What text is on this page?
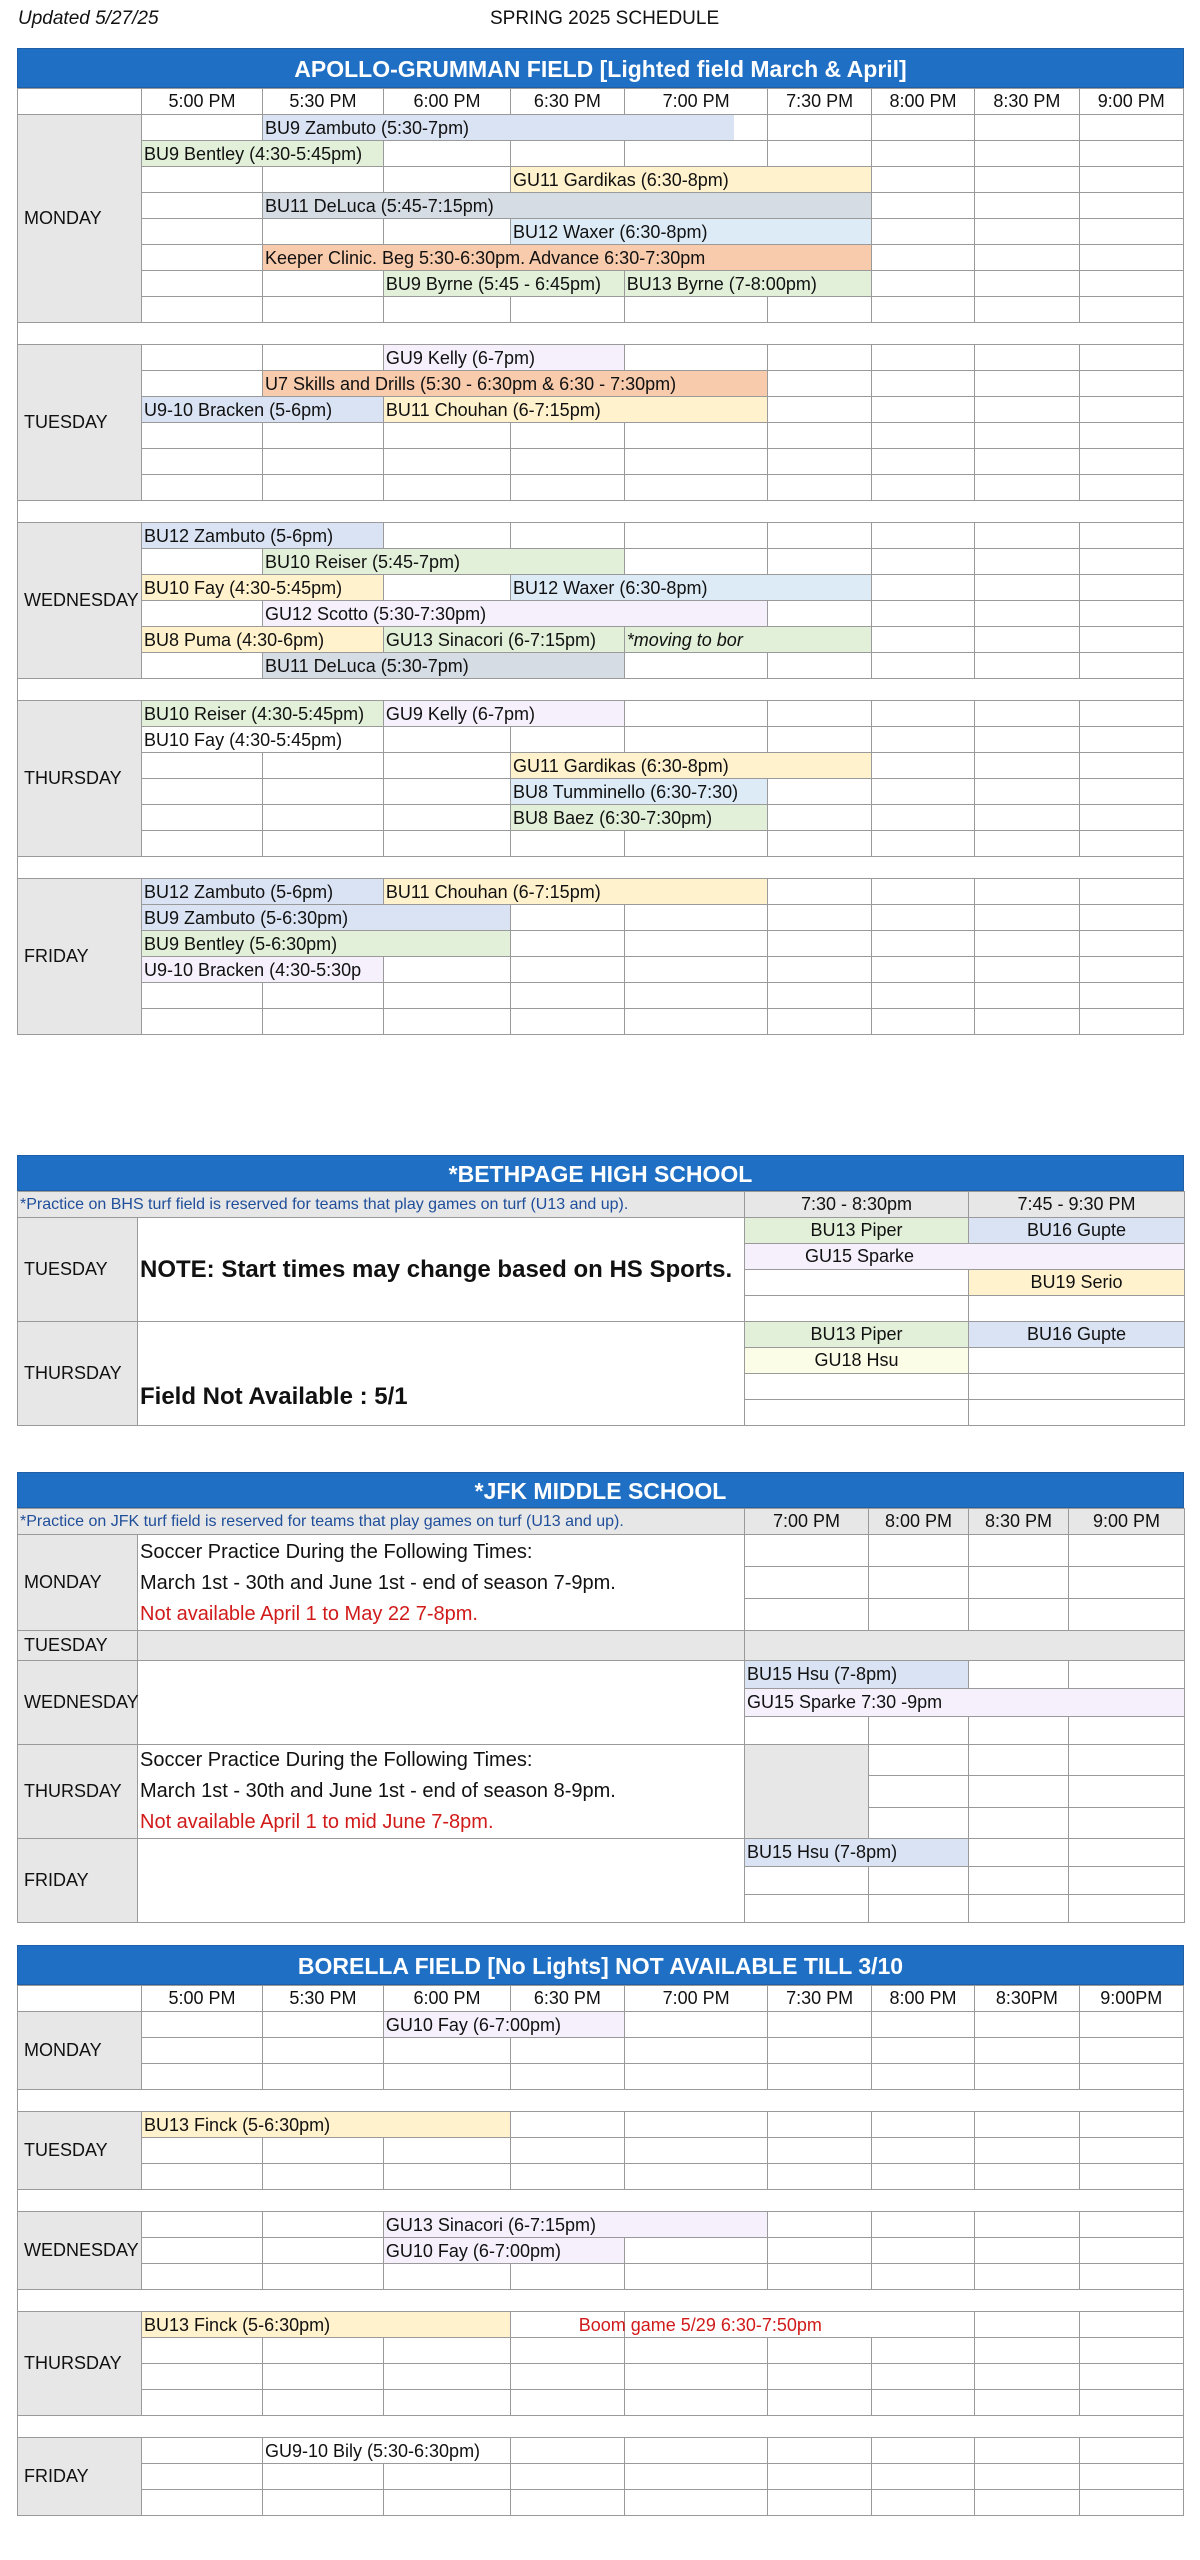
Updated 5/27/25	SPRING 2025 SCHEDULE
APOLLO-GRUMMAN FIELD [Lighted field March & April]
	5:00 PM	5:30 PM	6:00 PM	6:30 PM	7:00 PM	7:30 PM	8:00 PM	8:30 PM	9:00 PM
MONDAY		BU9 Zambuto (5:30-7pm)							

	BU9 Bentley (4:30-5:45pm)								

				GU11 Gardikas (6:30-8pm)					

		BU11 DeLuca (5:45-7:15pm)							

				BU12 Waxer (6:30-8pm)					

		Keeper Clinic. Beg 5:30-6:30pm. Advance 6:30-7:30pm							

			BU9 Byrne (5:45 - 6:45pm)		BU13 Byrne (7-8:00pm)				

TUESDAY			GU9 Kelly (6-7pm)						

		U7 Skills and Drills (5:30 - 6:30pm & 6:30 - 7:30pm)							

	U9-10 Bracken (5-6pm)		BU11 Chouhan (6-7:15pm)						

WEDNESDAY	BU12 Zambuto (5-6pm)								

		BU10 Reiser (5:45-7pm)							

	BU10 Fay (4:30-5:45pm)			BU12 Waxer (6:30-8pm)					

		GU12 Scotto (5:30-7:30pm)							

	BU8 Puma (4:30-6pm)		GU13 Sinacori (6-7:15pm)		*moving to bor				

		BU11 DeLuca (5:30-7pm)							

THURSDAY	BU10 Reiser (4:30-5:45pm)		GU9 Kelly (6-7pm)						

	BU10 Fay (4:30-5:45pm)								

				GU11 Gardikas (6:30-8pm)					

				BU8 Tumminello (6:30-7:30)					

				BU8 Baez (6:30-7:30pm)					

FRIDAY	BU12 Zambuto (5-6pm)		BU11 Chouhan (6-7:15pm)						

	BU9 Zambuto (5-6:30pm)								

	BU9 Bentley (5-6:30pm)								

	U9-10 Bracken (4:30-5:30p								

*BETHPAGE HIGH SCHOOL
*Practice on BHS turf field is reserved for teams that play games on turf (U13 and up).		7:30 - 8:30pm	7:45 - 9:30 PM
TUESDAY	NOTE: Start times may change based on HS Sports.	BU13 Piper	BU16 Gupte
		GU15 Sparke	
			BU19 Serio

THURSDAY	Field Not Available : 5/1	BU13 Piper	BU16 Gupte
		GU18 Hsu	

*JFK MIDDLE SCHOOL
*Practice on JFK turf field is reserved for teams that play games on turf (U13 and up).		7:00 PM	8:00 PM	8:30 PM	9:00 PM
MONDAY	Soccer Practice During the Following Times:
March 1st - 30th and June 1st - end of season 7-9pm.
Not available April 1 to May 22 7-8pm.				

TUESDAY					
WEDNESDAY		BU15 Hsu (7-8pm)			
		GU15 Sparke 7:30 -9pm			

THURSDAY	Soccer Practice During the Following Times:
March 1st - 30th and June 1st - end of season 8-9pm.
Not available April 1 to mid June 7-8pm.				

FRIDAY		BU15 Hsu (7-8pm)			

BORELLA FIELD [No Lights] NOT AVAILABLE TILL 3/10
	5:00 PM	5:30 PM	6:00 PM	6:30 PM	7:00 PM	7:30 PM	8:00 PM	8:30PM	9:00PM
MONDAY			GU10 Fay (6-7:00pm)						

TUESDAY	BU13 Finck (5-6:30pm)								

WEDNESDAY			GU13 Sinacori (6-7:15pm)						

			GU10 Fay (6-7:00pm)						

THURSDAY	BU13 Finck (5-6:30pm)				Boom game 5/29 6:30-7:50pm				

FRIDAY		GU9-10 Bily (5:30-6:30pm)							
